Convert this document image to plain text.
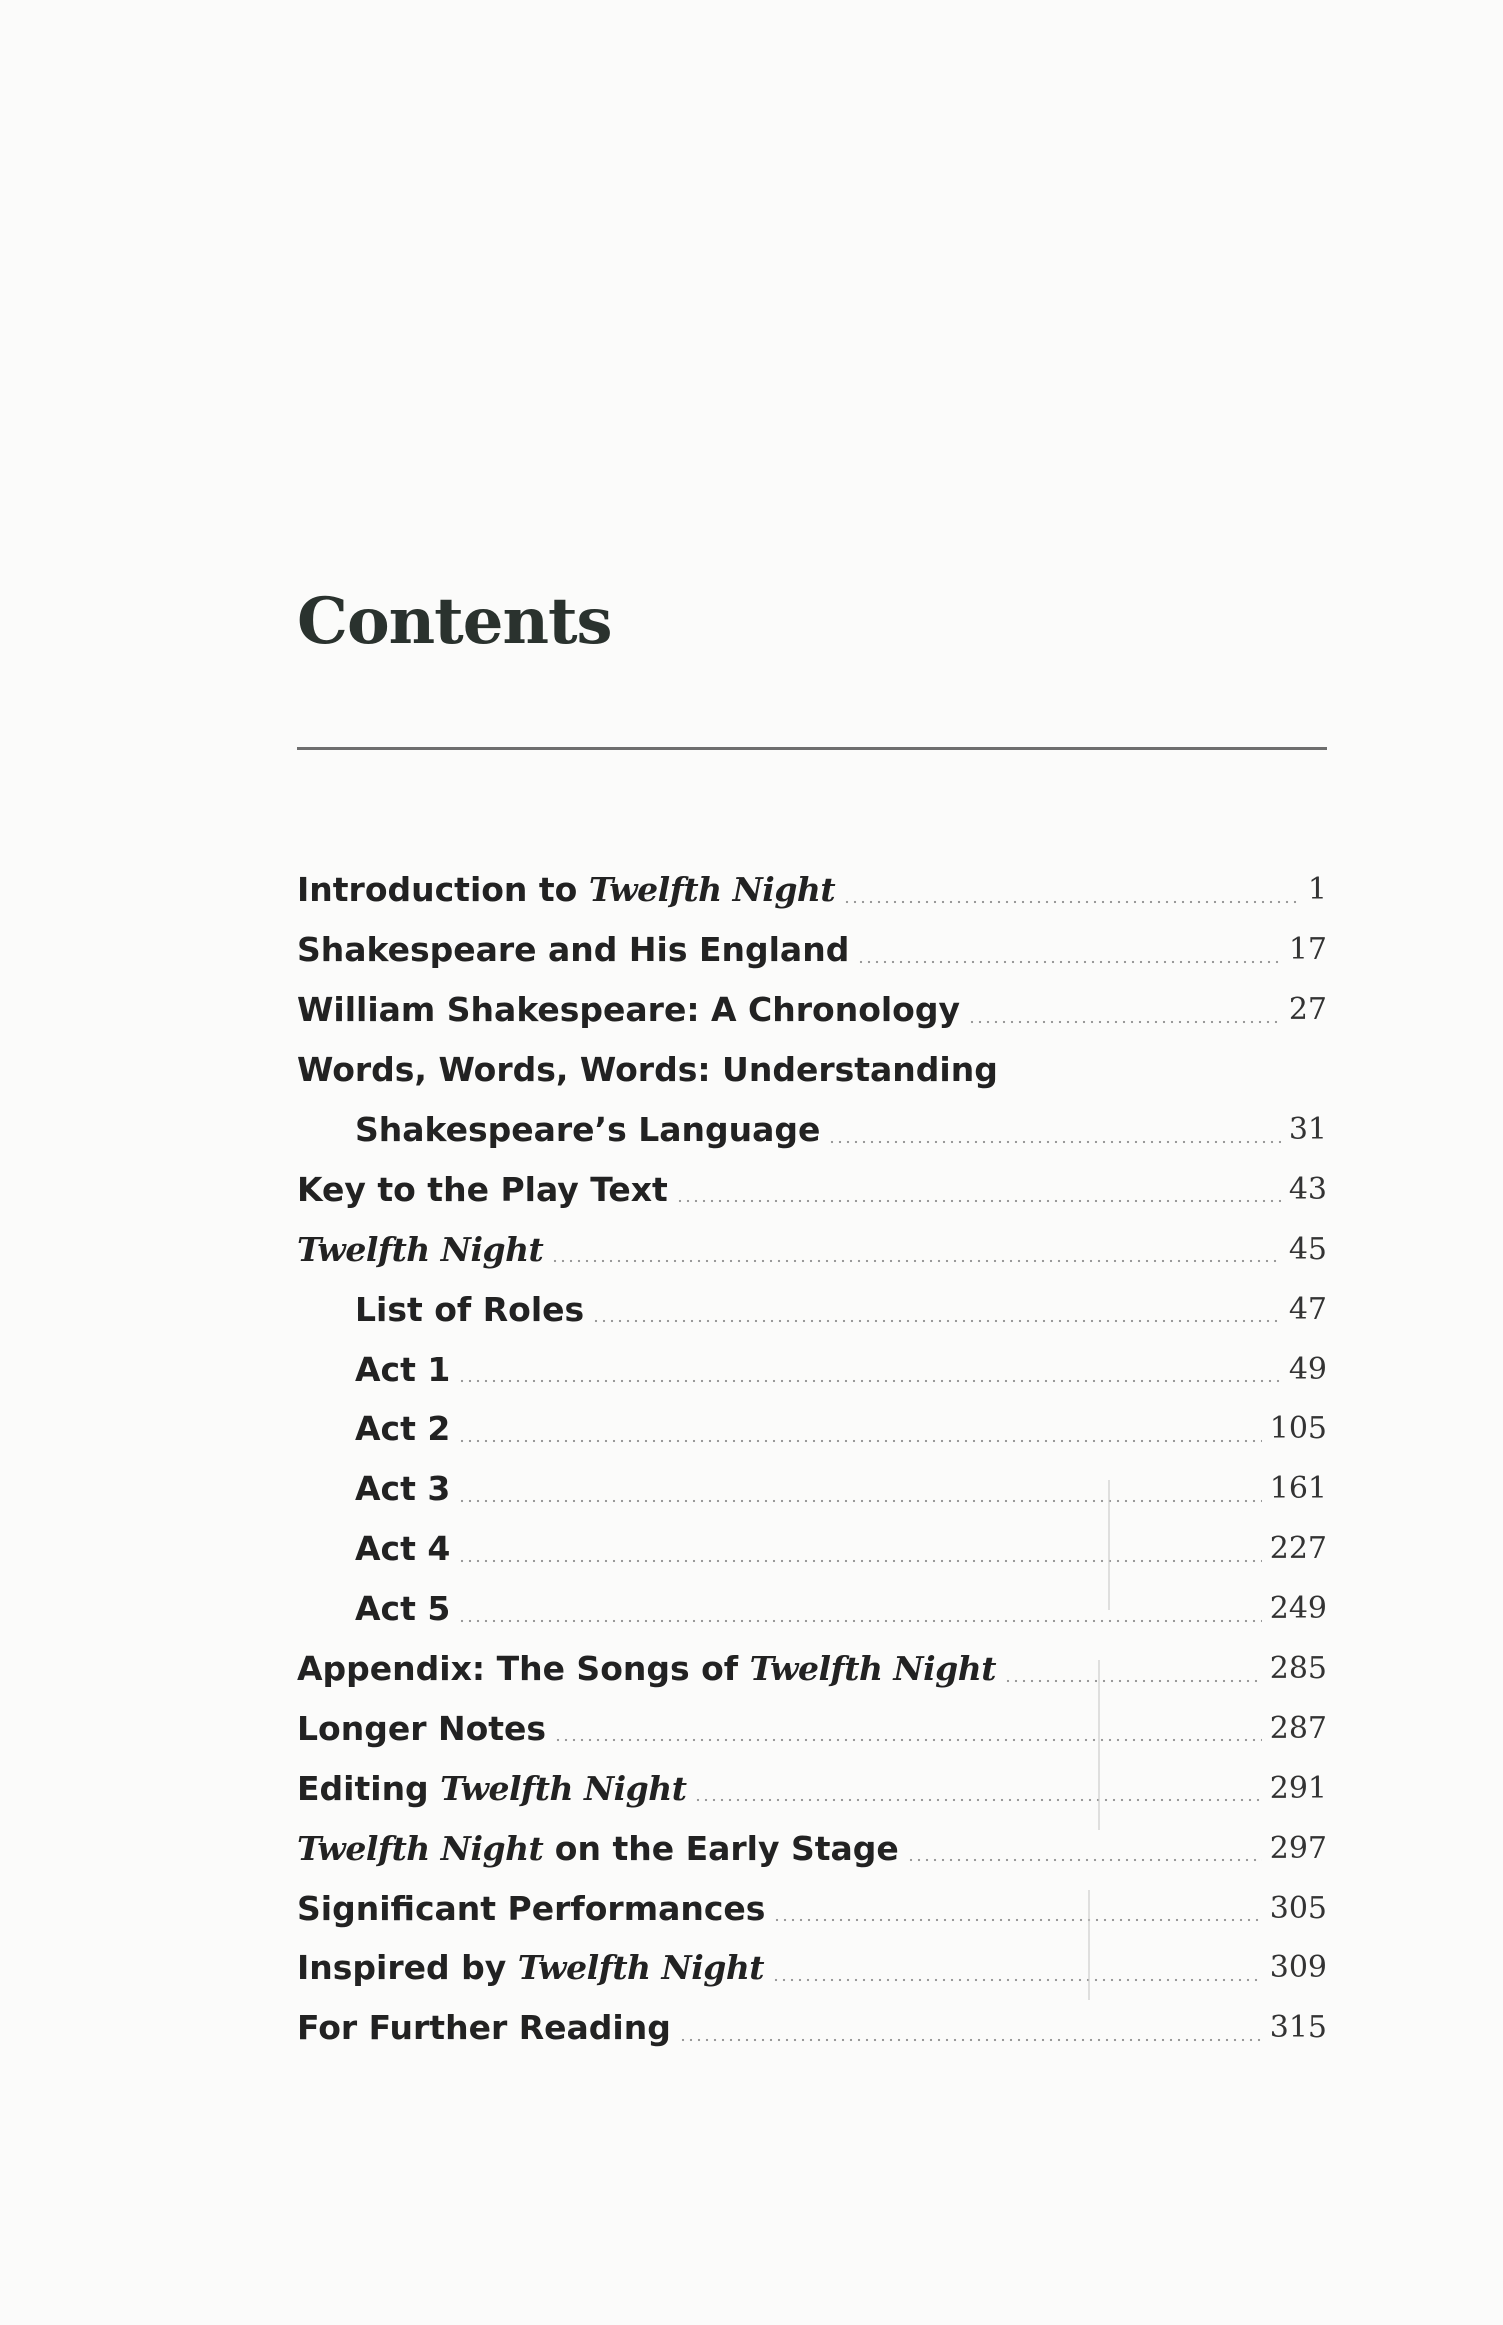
Contents
Introduction to Twelfth Night	1
Shakespeare and His England	17
William Shakespeare: A Chronology	27
Words, Words, Words: Understanding
Shakespeare’s Language	31
Key to the Play Text	43
Twelfth Night	45
List of Roles	47
Act 1	49
Act 2	105
Act 3	161
Act 4	227
Act 5	249
Appendix: The Songs of Twelfth Night	285
Longer Notes	287
Editing Twelfth Night	291
Twelfth Night on the Early Stage	297
Significant Performances	305
Inspired by Twelfth Night	309
For Further Reading	315
